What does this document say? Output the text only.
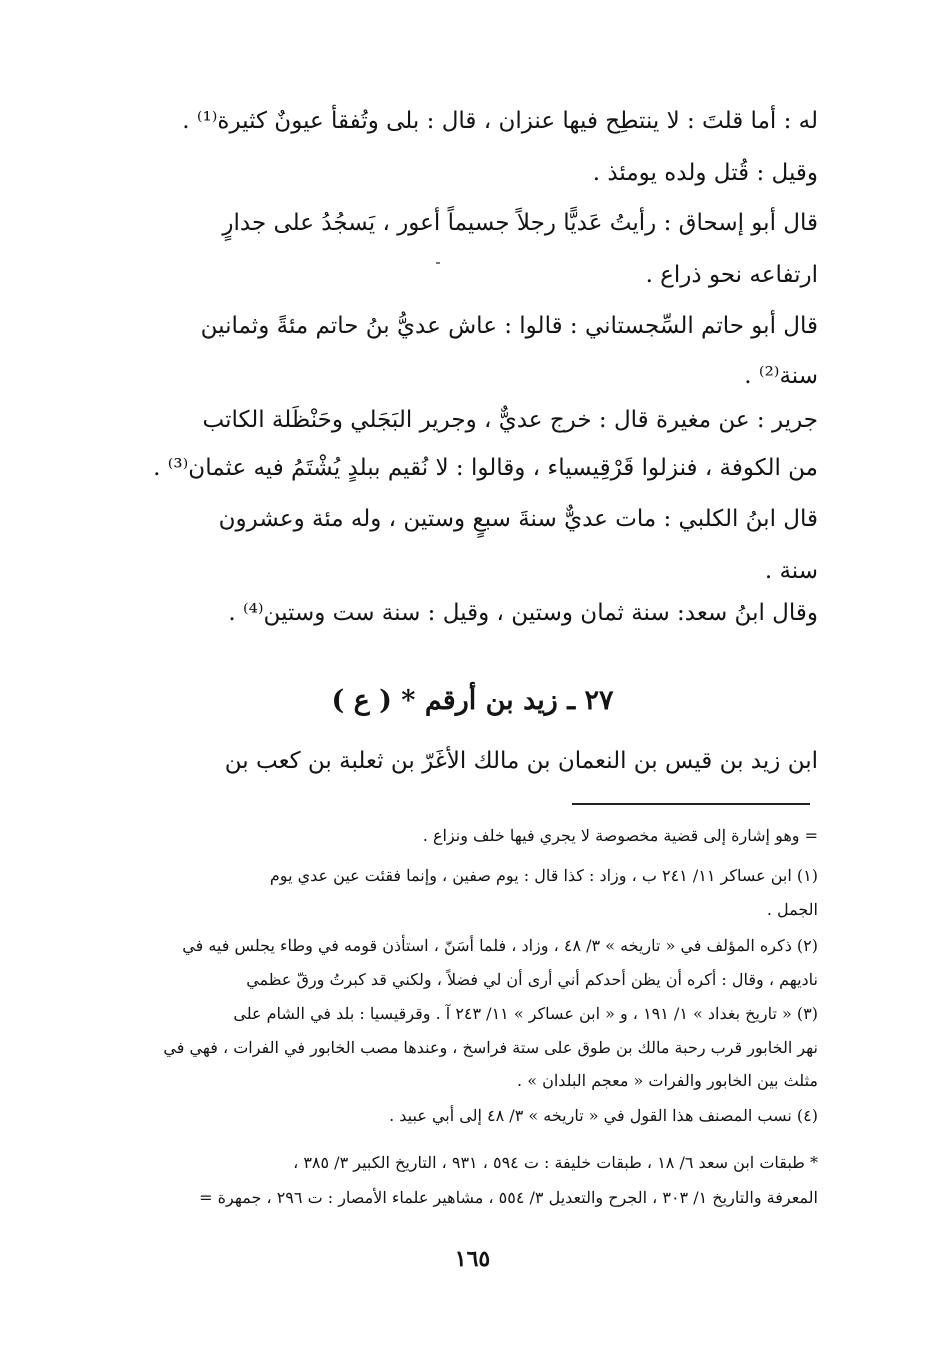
له : أما قلتَ : لا ينتطِح فيها عنزان ، قال : بلى وتُفقأ عيونٌ كثيرة⁽¹⁾ .

وقيل : قُتل ولده يومئذ .

قال أبو إسحاق : رأيتُ عَديًّا رجلاً جسيماً أعور ، يَسجُدُ على جدارٍ

ارتفاعه نحو ذراع .

قال أبو حاتم السِّجستاني : قالوا : عاش عديُّ بنُ حاتم مئةً وثمانين

سنة⁽²⁾ .

جرير : عن مغيرة قال : خرج عديٌّ ، وجرير البَجَلي وحَنْظَلة الكاتب

من الكوفة ، فنزلوا قَرْقِيسياء ، وقالوا : لا نُقيم ببلدٍ يُشْتَمُ فيه عثمان⁽³⁾ .

قال ابنُ الكلبي : مات عديٌّ سنةَ سبعٍ وستين ، وله مئة وعشرون

سنة .

وقال ابنُ سعد: سنة ثمان وستين ، وقيل : سنة ست وستين⁽⁴⁾ .

٢٧ ـ زيد بن أرقم * ( ع )

ابن زيد بن قيس بن النعمان بن مالك الأغَرّ بن ثعلبة بن كعب بن

= وهو إشارة إلى قضية مخصوصة لا يجري فيها خلف ونزاع .

(١) ابن عساكر ١١/ ٢٤١ ب ، وزاد : كذا قال : يوم صفين ، وإنما فقئت عين عدي يوم

الجمل .

(٢) ذكره المؤلف في « تاريخه » ٣/ ٤٨ ، وزاد ، فلما أسَنّ ، استأذن قومه في وطاء يجلس فيه في

ناديهم ، وقال : أكره أن يظن أحدكم أني أرى أن لي فضلاً ، ولكني قد كبرتُ ورقّ عظمي

(٣) « تاريخ بغداد » ١/ ١٩١ ، و « ابن عساكر » ١١/ ٢٤٣ آ . وقرقيسيا : بلد في الشام على

نهر الخابور قرب رحبة مالك بن طوق على ستة فراسخ ، وعندها مصب الخابور في الفرات ، فهي في

مثلث بين الخابور والفرات « معجم البلدان » .

(٤) نسب المصنف هذا القول في « تاريخه » ٣/ ٤٨ إلى أبي عبيد .

* طبقات ابن سعد ٦/ ١٨ ، طبقات خليفة : ت ٥٩٤ ، ٩٣١ ، التاريخ الكبير ٣/ ٣٨٥ ،

المعرفة والتاريخ ١/ ٣٠٣ ، الجرح والتعديل ٣/ ٥٥٤ ، مشاهير علماء الأمصار : ت ٢٩٦ ، جمهرة =

١٦٥
